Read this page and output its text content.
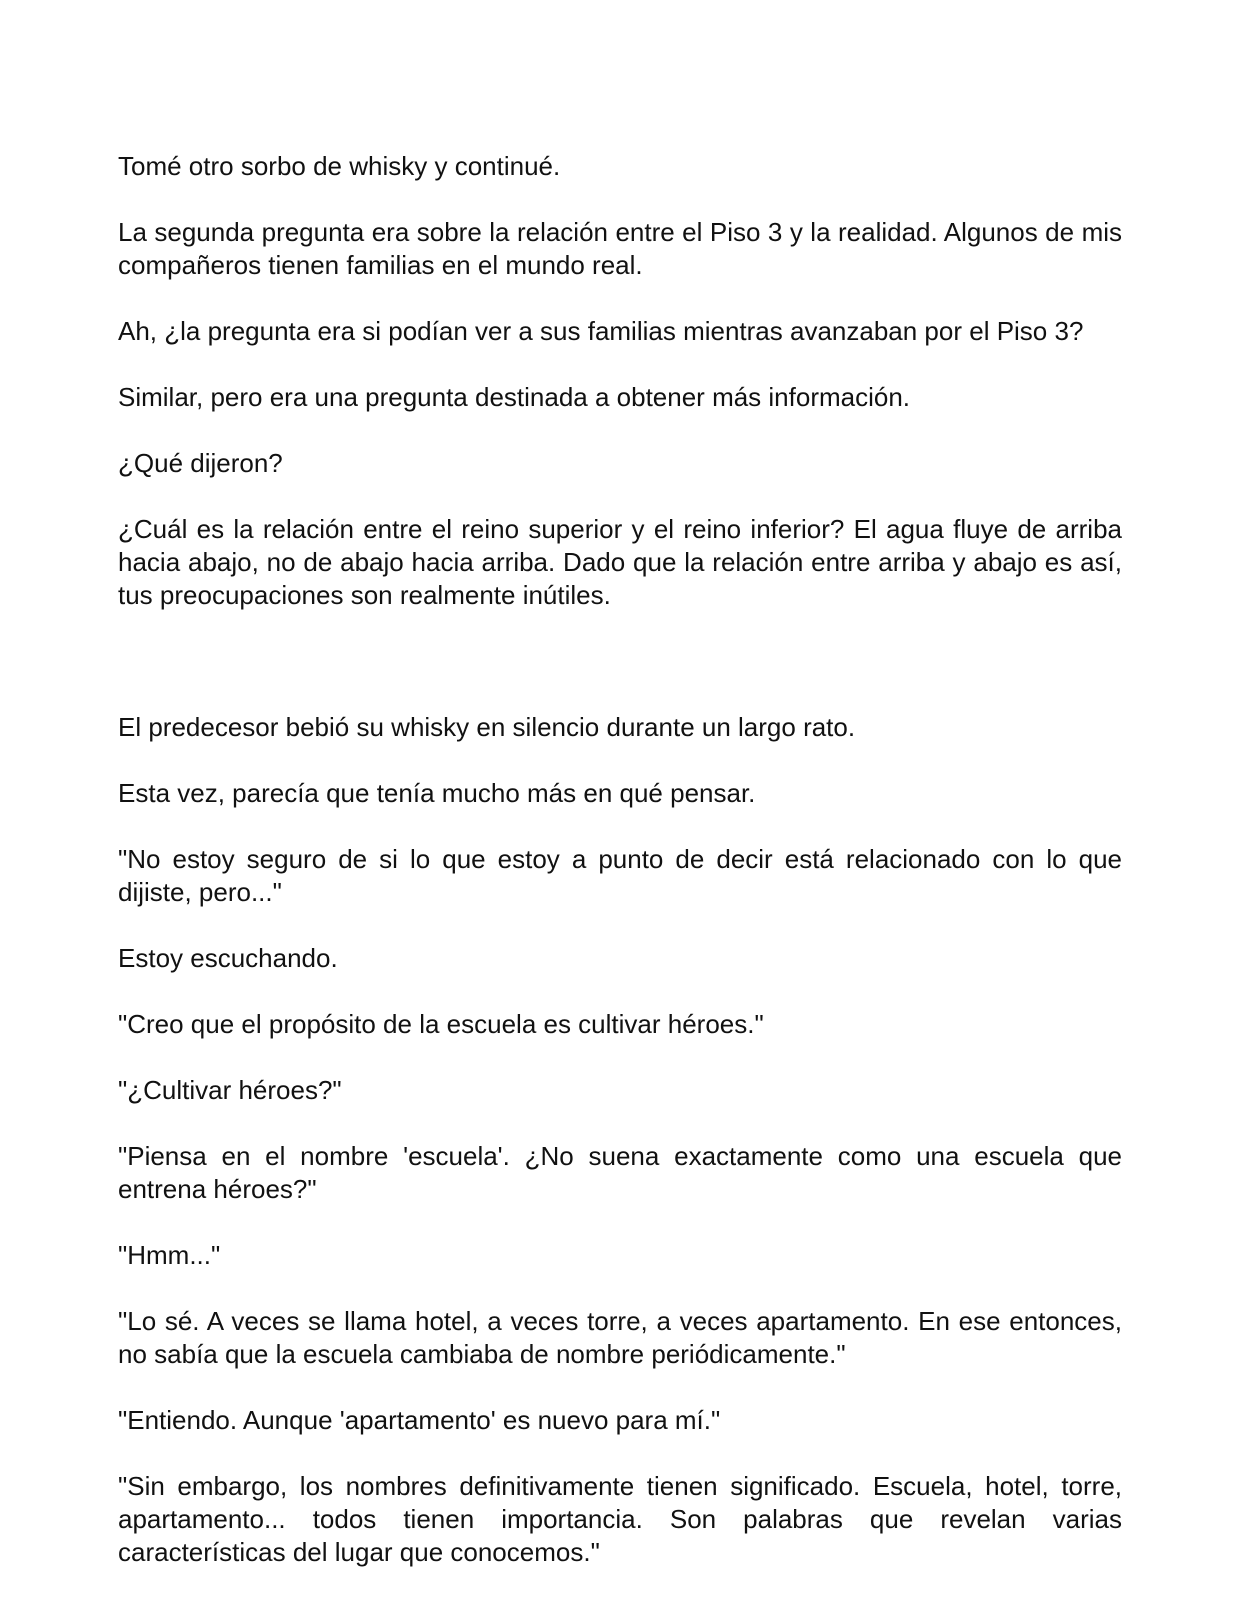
Tomé otro sorbo de whisky y continué.

La segunda pregunta era sobre la relación entre el Piso 3 y la realidad. Algunos de mis compañeros tienen familias en el mundo real.

Ah, ¿la pregunta era si podían ver a sus familias mientras avanzaban por el Piso 3?

Similar, pero era una pregunta destinada a obtener más información.

¿Qué dijeron?

¿Cuál es la relación entre el reino superior y el reino inferior? El agua fluye de arriba hacia abajo, no de abajo hacia arriba. Dado que la relación entre arriba y abajo es así, tus preocupaciones son realmente inútiles.

El predecesor bebió su whisky en silencio durante un largo rato.

Esta vez, parecía que tenía mucho más en qué pensar.

"No estoy seguro de si lo que estoy a punto de decir está relacionado con lo que dijiste, pero..."

Estoy escuchando.

"Creo que el propósito de la escuela es cultivar héroes."

"¿Cultivar héroes?"

"Piensa en el nombre 'escuela'. ¿No suena exactamente como una escuela que entrena héroes?"

"Hmm..."

"Lo sé. A veces se llama hotel, a veces torre, a veces apartamento. En ese entonces, no sabía que la escuela cambiaba de nombre periódicamente."

"Entiendo. Aunque 'apartamento' es nuevo para mí."

"Sin embargo, los nombres definitivamente tienen significado. Escuela, hotel, torre, apartamento... todos tienen importancia. Son palabras que revelan varias características del lugar que conocemos."
